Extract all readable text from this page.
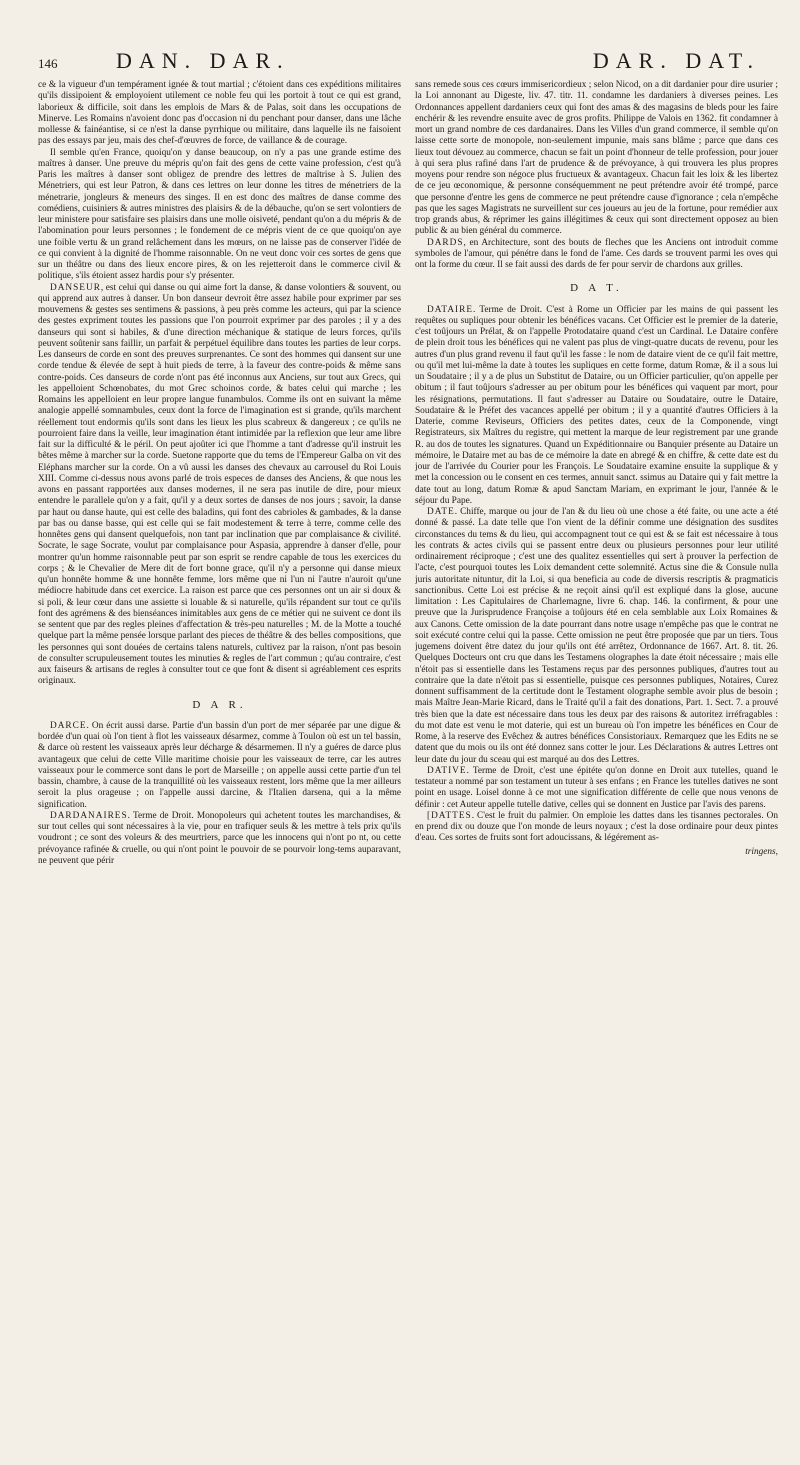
146	DAN. DAR.	DAR. DAT.

ce & la vigueur d'un tempérament ignée & tout martial ; c'étoient dans ces expéditions militaires qu'ils dissipoient & employoient utilement ce noble feu qui les portoit à tout ce qui est grand, laborieux & difficile, soit dans les emplois de Mars & de Palas, soit dans les occupations de Minerve. Les Romains n'avoient donc pas d'occasion ni du penchant pour danser, dans une lâche mollesse & fainéantise, si ce n'est la danse pyrrhique ou militaire, dans laquelle ils ne faisoient pas des essays par jeu, mais des chef-d'œuvres de force, de vaillance & de courage.

Il semble qu'en France, quoiqu'on y danse beaucoup, on n'y a pas une grande estime des maîtres à danser. Une preuve du mépris qu'on fait des gens de cette vaine profession, c'est qu'à Paris les maîtres à danser sont obligez de prendre des lettres de maîtrise à S. Julien des Ménetriers, qui est leur Patron, & dans ces lettres on leur donne les titres de ménetriers de la ménetrarie, jongleurs & meneurs des singes. Il en est donc des maîtres de danse comme des comédiens, cuisiniers & autres ministres des plaisirs & de la débauche, qu'on se sert volontiers de leur ministere pour satisfaire ses plaisirs dans une molle oisiveté, pendant qu'on a du mépris & de l'abomination pour leurs personnes ; le fondement de ce mépris vient de ce que quoiqu'on aye une foible vertu & un grand relâchement dans les mœurs, on ne laisse pas de conserver l'idée de ce qui convient à la dignité de l'homme raisonnable. On ne veut donc voir ces sortes de gens que sur un théâtre ou dans des lieux encore pires, & on les rejetteroit dans le commerce civil & politique, s'ils étoient assez hardis pour s'y présenter.

DANSEUR, est celui qui danse ou qui aime fort la danse, & danse volontiers & souvent, ou qui apprend aux autres à danser. Un bon danseur devroit être assez habile pour exprimer par ses mouvemens & gestes ses sentimens & passions, à peu près comme les acteurs, qui par la science des gestes expriment toutes les passions que l'on pourroit exprimer par des paroles ; il y a des danseurs qui sont si habiles, & d'une direction méchanique & statique de leurs forces, qu'ils peuvent soûtenir sans faillir, un parfait & perpétuel équilibre dans toutes les parties de leur corps. Les danseurs de corde en sont des preuves surprenantes. Ce sont des hommes qui dansent sur une corde tendue & élevée de sept à huit pieds de terre, à la faveur des contre-poids & même sans contre-poids. Ces danseurs de corde n'ont pas été inconnus aux Anciens, sur tout aux Grecs, qui les appelloient Schœnobates, du mot Grec schoinos corde, & bates celui qui marche ; les Romains les appelloient en leur propre langue funambulos. Comme ils ont en suivant la même analogie appellé somnambules, ceux dont la force de l'imagination est si grande, qu'ils marchent réellement tout endormis qu'ils sont dans les lieux les plus scabreux & dangereux ; ce qu'ils ne pourroient faire dans la veille, leur imagination étant intimidée par la reflexion que leur ame libre fait sur la difficulté & le péril. On peut ajoûter ici que l'homme a tant d'adresse qu'il instruit les bêtes même à marcher sur la corde. Suetone rapporte que du tems de l'Empereur Galba on vit des Eléphans marcher sur la corde. On a vû aussi les danses des chevaux au carrousel du Roi Louis XIII. Comme ci-dessus nous avons parlé de trois especes de danses des Anciens, & que nous les avons en passant rapportées aux danses modernes, il ne sera pas inutile de dire, pour mieux entendre le parallele qu'on y a fait, qu'il y a deux sortes de danses de nos jours ; savoir, la danse par haut ou danse haute, qui est celle des baladins, qui font des cabrioles & gambades, & la danse par bas ou danse basse, qui est celle qui se fait modestement & terre à terre, comme celle des honnêtes gens qui dansent quelquefois, non tant par inclination que par complaisance & civilité. Socrate, le sage Socrate, voulut par complaisance pour Aspasia, apprendre à danser d'elle, pour montrer qu'un homme raisonnable peut par son esprit se rendre capable de tous les exercices du corps ; & le Chevalier de Mere dit de fort bonne grace, qu'il n'y a personne qui danse mieux qu'un honnête homme & une honnête femme, lors même que ni l'un ni l'autre n'auroit qu'une médiocre habitude dans cet exercice. La raison est parce que ces personnes ont un air si doux & si poli, & leur cœur dans une assiette si louable & si naturelle, qu'ils répandent sur tout ce qu'ils font des agrémens & des bienséances inimitables aux gens de ce métier qui ne suivent ce dont ils se sentent que par des regles pleines d'affectation & très-peu naturelles ; M. de la Motte a touché quelque part la même pensée lorsque parlant des pieces de théâtre & des belles compositions, que les personnes qui sont douées de certains talens naturels, cultivez par la raison, n'ont pas besoin de consulter scrupuleusement toutes les minuties & regles de l'art commun ; qu'au contraire, c'est aux faiseurs & artisans de regles à consulter tout ce que font & disent si agréablement ces esprits originaux.

D A R.

DARCE. On écrit aussi darse. Partie d'un bassin d'un port de mer séparée par une digue & bordée d'un quai où l'on tient à flot les vaisseaux désarmez, comme à Toulon où est un tel bassin, & darce où restent les vaisseaux après leur décharge & désarmemen. Il n'y a guéres de darce plus avantageux que celui de cette Ville maritime choisie pour les vaisseaux de terre, car les autres vaisseaux pour le commerce sont dans le port de Marseille ; on appelle aussi cette partie d'un tel bassin, chambre, à cause de la tranquillité où les vaisseaux restent, lors même que la mer ailleurs seroit la plus orageuse ; on l'appelle aussi darcine, & l'Italien darsena, qui a la même signification.

DARDANAIRES. Terme de Droit. Monopoleurs qui achetent toutes les marchandises, & sur tout celles qui sont nécessaires à la vie, pour en trafiquer seuls & les mettre à tels prix qu'ils voudront ; ce sont des voleurs & des meurtriers, parce que les innocens qui n'ont po nt, ou cette prévoyance rafinée & cruelle, ou qui n'ont point le pouvoir de se pourvoir long-tems auparavant, ne peuvent que périr

sans remede sous ces cœurs immisericordieux ; selon Nicod, on a dit dardanier pour dire usurier ; la Loi annonant au Digeste, liv. 47. titr. 11. condamne les dardaniers à diverses peines. Les Ordonnances appellent dardaniers ceux qui font des amas & des magasins de bleds pour les faire enchérir & les revendre ensuite avec de gros profits. Philippe de Valois en 1362. fit condamner à mort un grand nombre de ces dardanaires. Dans les Villes d'un grand commerce, il semble qu'on laisse cette sorte de monopole, non-seulement impunie, mais sans blâme ; parce que dans ces lieux tout dévouez au commerce, chacun se fait un point d'honneur de telle profession, pour jouer à qui sera plus rafiné dans l'art de prudence & de prévoyance, à qui trouvera les plus propres moyens pour rendre son négoce plus fructueux & avantageux. Chacun fait les loix & les libertez de ce jeu œconomique, & personne conséquemment ne peut prétendre avoir été trompé, parce que personne d'entre les gens de commerce ne peut prétendre cause d'ignorance ; cela n'empêche pas que les sages Magistrats ne surveillent sur ces joueurs au jeu de la fortune, pour remédier aux trop grands abus, & réprimer les gains illégitimes & ceux qui sont directement opposez au bien public & au bien général du commerce.

DARDS, en Architecture, sont des bouts de fleches que les Anciens ont introduit comme symboles de l'amour, qui pénétre dans le fond de l'ame. Ces dards se trouvent parmi les oves qui ont la forme du cœur. Il se fait aussi des dards de fer pour servir de chardons aux grilles.

D A T.

DATAIRE. Terme de Droit. C'est à Rome un Officier par les mains de qui passent les requêtes ou supliques pour obtenir les bénéfices vacans. Cet Officier est le premier de la daterie, c'est toûjours un Prélat, & on l'appelle Protodataire quand c'est un Cardinal. Le Dataire confère de plein droit tous les bénéfices qui ne valent pas plus de vingt-quatre ducats de revenu, pour les autres d'un plus grand revenu il faut qu'il les fasse : le nom de dataire vient de ce qu'il fait mettre, ou qu'il met lui-même la date à toutes les supliques en cette forme, datum Romæ, & il a sous lui un Soudataire ; il y a de plus un Substitut de Dataire, ou un Officier particulier, qu'on appelle per obitum ; il faut toûjours s'adresser au per obitum pour les bénéfices qui vaquent par mort, pour les résignations, permutations. Il faut s'adresser au Dataire ou Soudataire, outre le Dataire, Soudataire & le Préfet des vacances appellé per obitum ; il y a quantité d'autres Officiers à la Daterie, comme Reviseurs, Officiers des petites dates, ceux de la Componende, vingt Registrateurs, six Maîtres du registre, qui mettent la marque de leur registrement par une grande R. au dos de toutes les signatures. Quand un Expéditionnaire ou Banquier présente au Dataire un mémoire, le Dataire met au bas de ce mémoire la date en abregé & en chiffre, & cette date est du jour de l'arrivée du Courier pour les François. Le Soudataire examine ensuite la supplique & y met la concession ou le consent en ces termes, annuit sanct. ssimus au Dataire qui y fait mettre la date tout au long, datum Romæ & apud Sanctam Mariam, en exprimant le jour, l'année & le séjour du Pape.

DATE. Chiffe, marque ou jour de l'an & du lieu où une chose a été faite, ou une acte a été donné & passé. La date telle que l'on vient de la définir comme une désignation des susdites circonstances du tems & du lieu, qui accompagnent tout ce qui est & se fait est nécessaire à tous les contrats & actes civils qui se passent entre deux ou plusieurs personnes pour leur utilité ordinairement réciproque ; c'est une des qualitez essentielles qui sert à prouver la perfection de l'acte, c'est pourquoi toutes les Loix demandent cette solemnité. Actus sine die & Consule nulla juris autoritate nituntur, dit la Loi, si qua beneficia au code de diversis rescriptis & pragmaticis sanctionibus. Cette Loi est précise & ne reçoit ainsi qu'il est expliqué dans la glose, aucune limitation : Les Capitulaires de Charlemagne, livre 6. chap. 146. la confirment, & pour une preuve que la Jurisprudence Françoise a toûjours été en cela semblable aux Loix Romaines & aux Canons. Cette omission de la date pourrant dans notre usage n'empêche pas que le contrat ne soit exécuté contre celui qui la passe. Cette omission ne peut être proposée que par un tiers. Tous jugemens doivent être datez du jour qu'ils ont été arrêtez, Ordonnance de 1667. Art. 8. tit. 26. Quelques Docteurs ont cru que dans les Testamens olographes la date étoit nécessaire ; mais elle n'étoit pas si essentielle dans les Testamens reçus par des personnes publiques, d'autres tout au contraire que la date n'étoit pas si essentielle, puisque ces personnes publiques, Notaires, Curez donnent suffisamment de la certitude dont le Testament olographe semble avoir plus de besoin ; mais Maître Jean-Marie Ricard, dans le Traité qu'il a fait des donations, Part. 1. Sect. 7. a prouvé très bien que la date est nécessaire dans tous les deux par des raisons & autoritez irréfragables : du mot date est venu le mot daterie, qui est un bureau où l'on impetre les bénéfices en Cour de Rome, à la reserve des Evêchez & autres bénéfices Consistoriaux. Remarquez que les Edits ne se datent que du mois ou ils ont été donnez sans cotter le jour. Les Déclarations & autres Lettres ont leur date du jour du sceau qui est marqué au dos des Lettres.

DATIVE. Terme de Droit, c'est une épitéte qu'on donne en Droit aux tutelles, quand le testateur a nommé par son testament un tuteur à ses enfans ; en France les tutelles datives ne sont point en usage. Loisel donne à ce mot une signification différente de celle que nous venons de définir : cet Auteur appelle tutelle dative, celles qui se donnent en Justice par l'avis des parens.

[DATTES. C'est le fruit du palmier. On emploie les dattes dans les tisannes pectorales. On en prend dix ou douze que l'on monde de leurs noyaux ; c'est la dose ordinaire pour deux pintes d'eau. Ces sortes de fruits sont fort adoucissans, & légérement as-

tringens,
